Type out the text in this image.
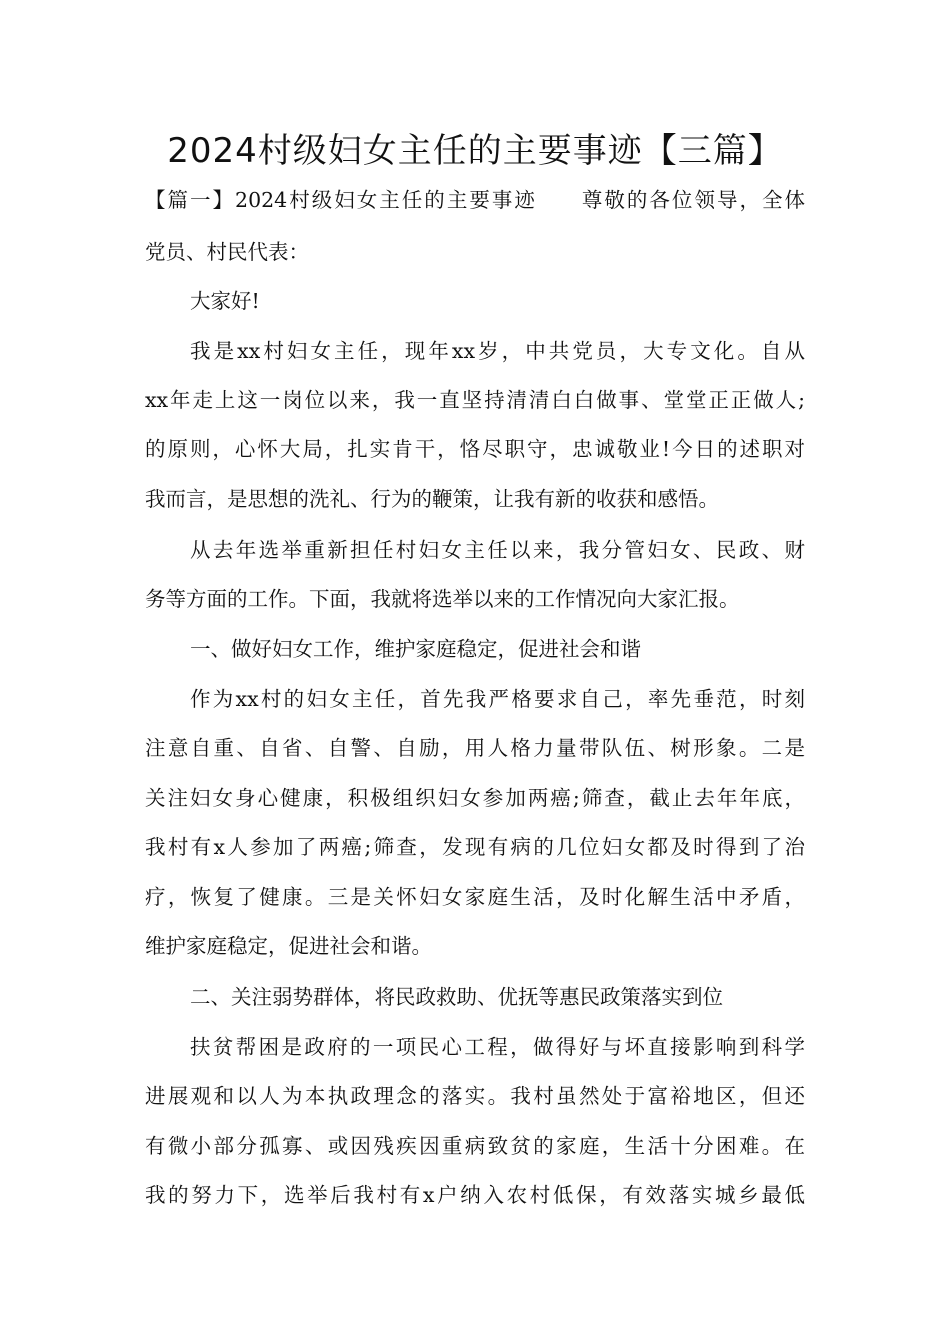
2024村级妇女主任的主要事迹【三篇】
【篇一】2024村级妇女主任的主要事迹　　尊敬的各位领导，全体
党员、村民代表：
大家好!
我是xx村妇女主任，现年xx岁，中共党员，大专文化。自从
xx年走上这一岗位以来，我一直坚持清清白白做事、堂堂正正做人;
的原则，心怀大局，扎实肯干，恪尽职守，忠诚敬业!今日的述职对
我而言，是思想的洗礼、行为的鞭策，让我有新的收获和感悟。
从去年选举重新担任村妇女主任以来，我分管妇女、民政、财
务等方面的工作。下面，我就将选举以来的工作情况向大家汇报。
一、做好妇女工作，维护家庭稳定，促进社会和谐
作为xx村的妇女主任，首先我严格要求自己，率先垂范，时刻
注意自重、自省、自警、自励，用人格力量带队伍、树形象。二是
关注妇女身心健康，积极组织妇女参加两癌;筛查，截止去年年底，
我村有x人参加了两癌;筛查，发现有病的几位妇女都及时得到了治
疗，恢复了健康。三是关怀妇女家庭生活，及时化解生活中矛盾，
维护家庭稳定，促进社会和谐。
二、关注弱势群体，将民政救助、优抚等惠民政策落实到位
扶贫帮困是政府的一项民心工程，做得好与坏直接影响到科学
进展观和以人为本执政理念的落实。我村虽然处于富裕地区，但还
有微小部分孤寡、或因残疾因重病致贫的家庭，生活十分困难。在
我的努力下，选举后我村有x户纳入农村低保，有效落实城乡最低
